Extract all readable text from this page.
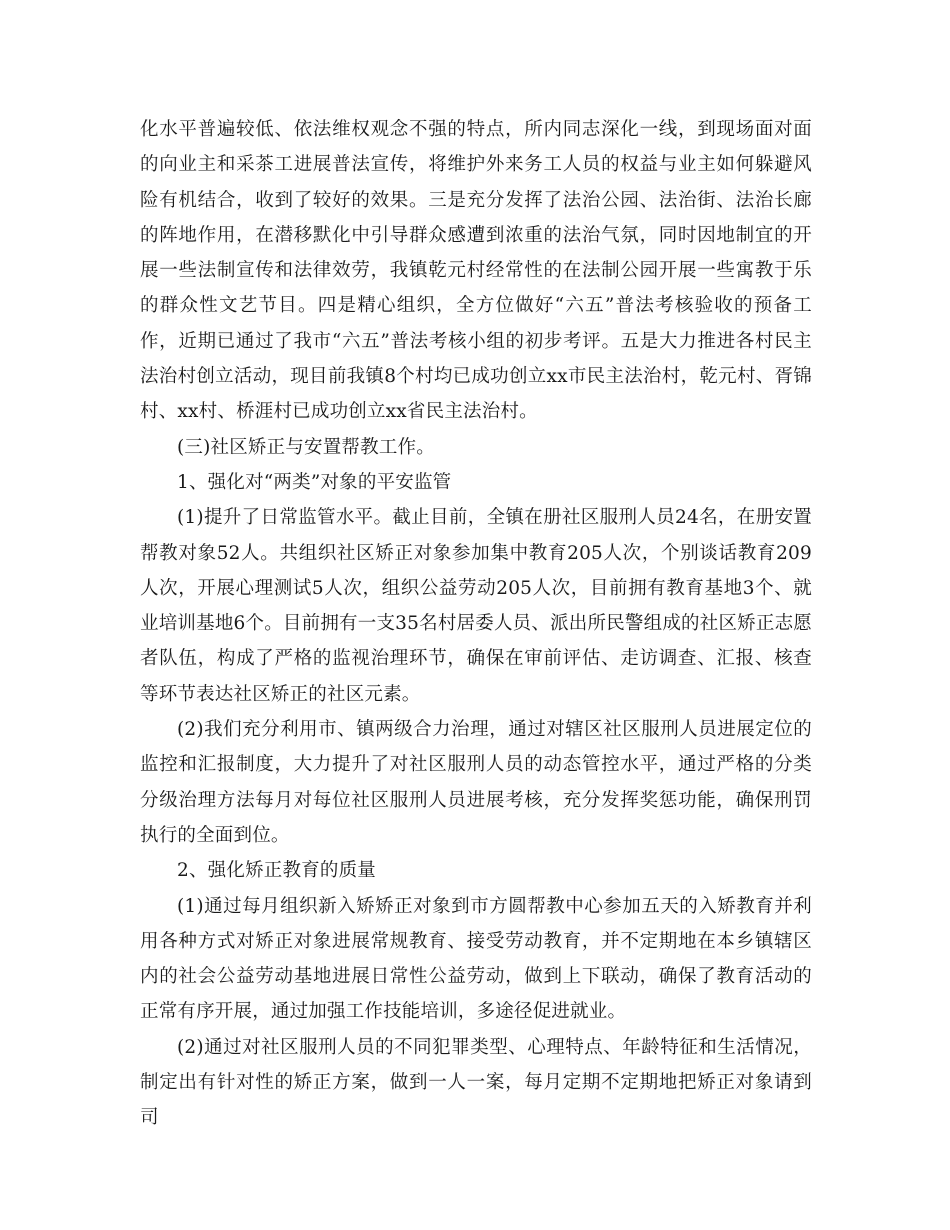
化水平普遍较低、依法维权观念不强的特点，所内同志深化一线，到现场面对面的向业主和采茶工进展普法宣传，将维护外来务工人员的权益与业主如何躲避风险有机结合，收到了较好的效果。三是充分发挥了法治公园、法治街、法治长廊的阵地作用，在潜移默化中引导群众感遭到浓重的法治气氛，同时因地制宜的开展一些法制宣传和法律效劳，我镇乾元村经常性的在法制公园开展一些寓教于乐的群众性文艺节目。四是精心组织，全方位做好“六五”普法考核验收的预备工作，近期已通过了我市“六五”普法考核小组的初步考评。五是大力推进各村民主法治村创立活动，现目前我镇8个村均已成功创立xx市民主法治村，乾元村、胥锦村、xx村、桥涯村已成功创立xx省民主法治村。

(三)社区矫正与安置帮教工作。

1、强化对“两类”对象的平安监管

(1)提升了日常监管水平。截止目前，全镇在册社区服刑人员24名，在册安置帮教对象52人。共组织社区矫正对象参加集中教育205人次，个别谈话教育209人次，开展心理测试5人次，组织公益劳动205人次，目前拥有教育基地3个、就业培训基地6个。目前拥有一支35名村居委人员、派出所民警组成的社区矫正志愿者队伍，构成了严格的监视治理环节，确保在审前评估、走访调查、汇报、核查等环节表达社区矫正的社区元素。

(2)我们充分利用市、镇两级合力治理，通过对辖区社区服刑人员进展定位的监控和汇报制度，大力提升了对社区服刑人员的动态管控水平，通过严格的分类分级治理方法每月对每位社区服刑人员进展考核，充分发挥奖惩功能，确保刑罚执行的全面到位。

2、强化矫正教育的质量

(1)通过每月组织新入矫矫正对象到市方圆帮教中心参加五天的入矫教育并利用各种方式对矫正对象进展常规教育、接受劳动教育，并不定期地在本乡镇辖区内的社会公益劳动基地进展日常性公益劳动，做到上下联动，确保了教育活动的正常有序开展，通过加强工作技能培训，多途径促进就业。

(2)通过对社区服刑人员的不同犯罪类型、心理特点、年龄特征和生活情况，制定出有针对性的矫正方案，做到一人一案，每月定期不定期地把矫正对象请到司
